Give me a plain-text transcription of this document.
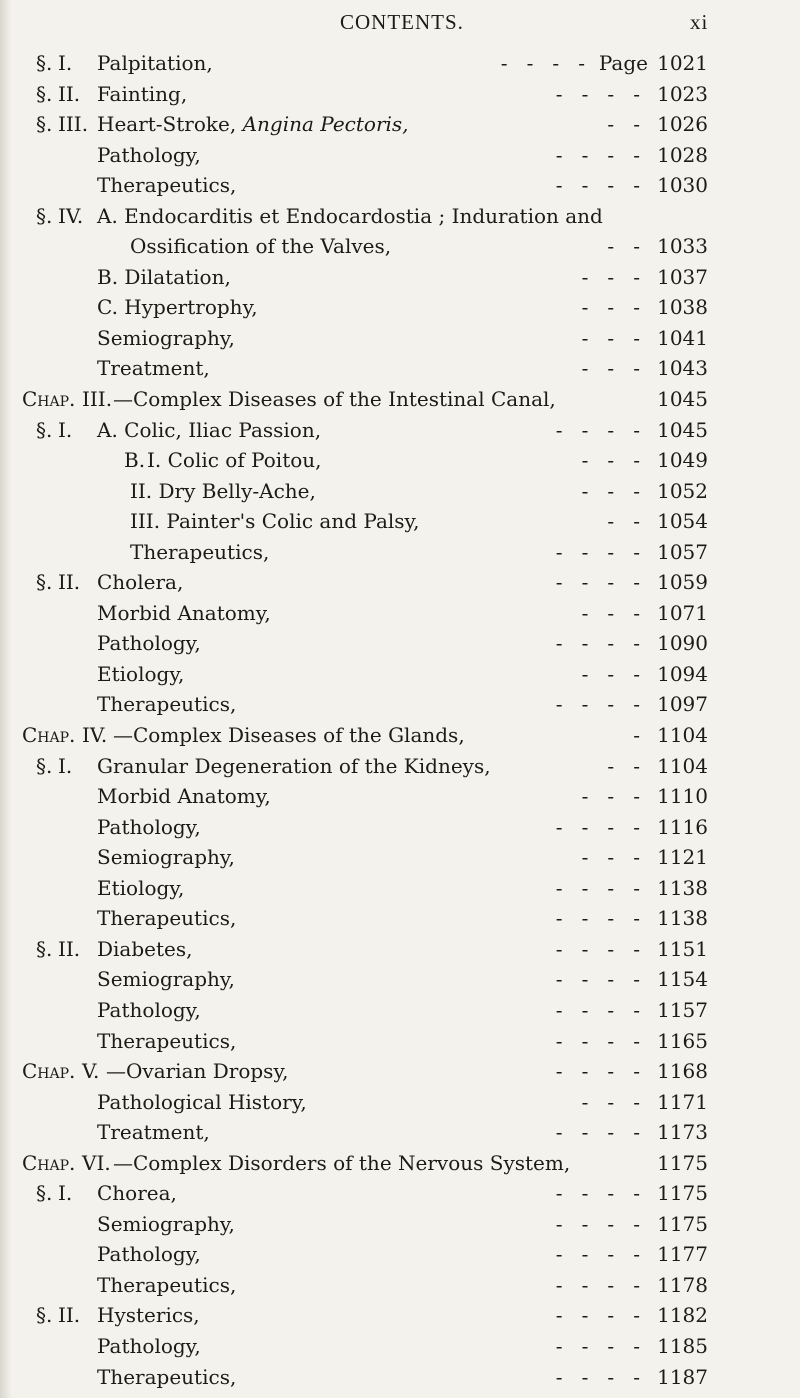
CONTENTS.	xi
§. I. Palpitation,	-   -   -   - Page 1021
§. II. Fainting,	-   -   -   - 1023
§. III. Heart-Stroke, Angina Pectoris,	-   - 1026
Pathology,	-   -   -   - 1028
Therapeutics,	-   -   -   - 1030
§. IV. A. Endocarditis et Endocardostia ; Induration and
Ossification of the Valves,	-   - 1033
B. Dilatation,	-   -   - 1037
C. Hypertrophy,	-   -   - 1038
Semiography,	-   -   - 1041
Treatment,	-   -   - 1043
Chap. III. —Complex Diseases of the Intestinal Canal,	1045
§. I. A. Colic, Iliac Passion,	-   -   -   - 1045
B. I. Colic of Poitou,	-   -   - 1049
II. Dry Belly-Ache,	-   -   - 1052
III. Painter's Colic and Palsy,	-   - 1054
Therapeutics,	-   -   -   - 1057
§. II. Cholera,	-   -   -   - 1059
Morbid Anatomy,	-   -   - 1071
Pathology,	-   -   -   - 1090
Etiology,	-   -   - 1094
Therapeutics,	-   -   -   - 1097
Chap. IV. —Complex Diseases of the Glands,	- 1104
§. I. Granular Degeneration of the Kidneys,	-   - 1104
Morbid Anatomy,	-   -   - 1110
Pathology,	-   -   -   - 1116
Semiography,	-   -   - 1121
Etiology,	-   -   -   - 1138
Therapeutics,	-   -   -   - 1138
§. II. Diabetes,	-   -   -   - 1151
Semiography,	-   -   -   - 1154
Pathology,	-   -   -   - 1157
Therapeutics,	-   -   -   - 1165
Chap. V. —Ovarian Dropsy,	-   -   -   - 1168
Pathological History,	-   -   - 1171
Treatment,	-   -   -   - 1173
Chap. VI. —Complex Disorders of the Nervous System,	1175
§. I. Chorea,	-   -   -   - 1175
Semiography,	-   -   -   - 1175
Pathology,	-   -   -   - 1177
Therapeutics,	-   -   -   - 1178
§. II. Hysterics,	-   -   -   - 1182
Pathology,	-   -   -   - 1185
Therapeutics,	-   -   -   - 1187
